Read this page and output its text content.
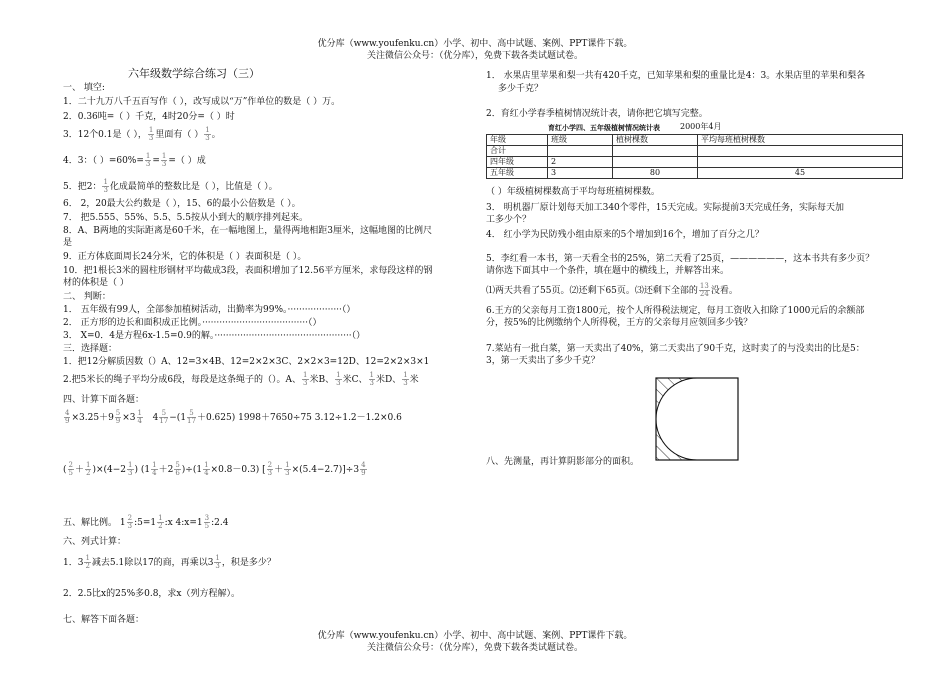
优分库（www.youfenku.cn）小学、初中、高中试题、案例、PPT课件下载。
关注微信公众号：（优分库），免费下载各类试题试卷。
六年级数学综合练习（三）
一、 填空:
1．二十九万八千五百写作（ ），改写成以“万”作单位的数是（ ）万。
2．0.36吨=（ ）千克，4时20分=（ ）时
3．12个0.1是（ ）， $\frac{1}{3}$ 里面有（ ） $\frac{1}{3}$ 。
4．3：（ ）$=60\%= \frac{1}{3} = \frac{1}{3}$ =（ ）成
5．把2： $\frac{1}{3}$ 化成最简单的整数比是（ ），比值是（ ）。
6． 2，20最大公约数是（ ），15、6的最小公倍数是（ ）。
7． 把5.555、55%、5.5、5.5按从小到大的顺序排列起来。
8．A、B两地的实际距离是60千米，在一幅地图上，量得两地相距3厘米，这幅地图的比例尺
是
9．正方体底面周长24分米，它的体积是（ ）表面积是（ ）。
10．把1根长3米的圆柱形钢材平均截成3段，表面积增加了12.56平方厘米，求每段这样的钢
材的体积是（ ）
二、 判断：
1． 五年级有99人，全部参加植树活动，出勤率为99%。···················（）
2． 正方形的边长和面积成正比例。·····································（）
3． X=0．4是方程6x-1.5=0.9的解。················································（）
三．选择题：
1．把12分解质因数（）A、12=3×4B、12=2×2×3C、2×2×3=12D、12=2×2×3×1
2.把5米长的绳子平均分成6段，每段是这条绳子的（）。A、 $\frac{1}{3}$ 米B、 $\frac{1}{3}$ 米C、 $\frac{1}{3}$ 米D、 $\frac{1}{3}$ 米
四、计算下面各题：
$\frac{4}{9} \times 3.25+9 \frac{5}{9} \times 3 \frac{1}{4} 4 \frac{5}{17} -(1 \frac{5}{17} +0.625)$ 1998＋7650÷75 3.12÷1.2－1.2×0.6
( $\frac{2}{5} + \frac{1}{2} )\times(4-2 \frac{1}{3}$ ) $(1 \frac{1}{4} +2 \frac{5}{6} )\div(1 \frac{1}{4} \times 0.8-0.3)$ [ $\frac{2}{3} + \frac{1}{3} \times(5.4-2.7)]\div 3 \frac{4}{9}$
五、解比例。 $1 \frac{2}{3}$ :5=1 $\frac{1}{2}$ :x 4:x=1 $\frac{3}{5}$ :2.4
六、列式计算：
1．$3 \frac{1}{2}$ 减去5.1除以17的商，再乘以$3 \frac{1}{3}$ ，积是多少？
2．2.5比x的25%多0.8，求x（列方程解）。
七、解答下面各题：
1． 水果店里苹果和梨一共有420千克，已知苹果和梨的重量比是4：3。水果店里的苹果和梨各
多少千克？
2．育红小学春季植树情况统计表，请你把它填写完整。
育红小学四、五年级植树情况统计表	2000年4月
年级	班级	植树棵数	平均每班植树棵数
合计			
四年级	2		
五年级	3	80	45
（ ）年级植树棵数高于平均每班植树棵数。
3． 明机器厂原计划每天加工340个零件，15天完成。实际提前3天完成任务，实际每天加
工多少个？
4． 红小学为民防残小组由原来的5个增加到16个，增加了百分之几？
5．李红看一本书，第一天看全书的25%，第二天看了25页，——————，这本书共有多少页？
请你选下面其中一个条件，填在题中的横线上，并解答出来。
⑴两天共看了55页。⑵还剩下65页。⑶还剩下全部的 $\frac{13}{24}$ 没看。
6.王方的父亲每月工资1800元，按个人所得税法规定，每月工资收入扣除了1000元后的余额部
分，按5%的比例缴纳个人所得税，王方的父亲每月应领回多少钱？
7.菜站有一批白菜，第一天卖出了40%，第二天卖出了90千克，这时卖了的与没卖出的比是5：
3，第一天卖出了多少千克？
八、先测量，再计算阴影部分的面积。
优分库（www.youfenku.cn）小学、初中、高中试题、案例、PPT课件下载。
关注微信公众号：（优分库），免费下载各类试题试卷。
